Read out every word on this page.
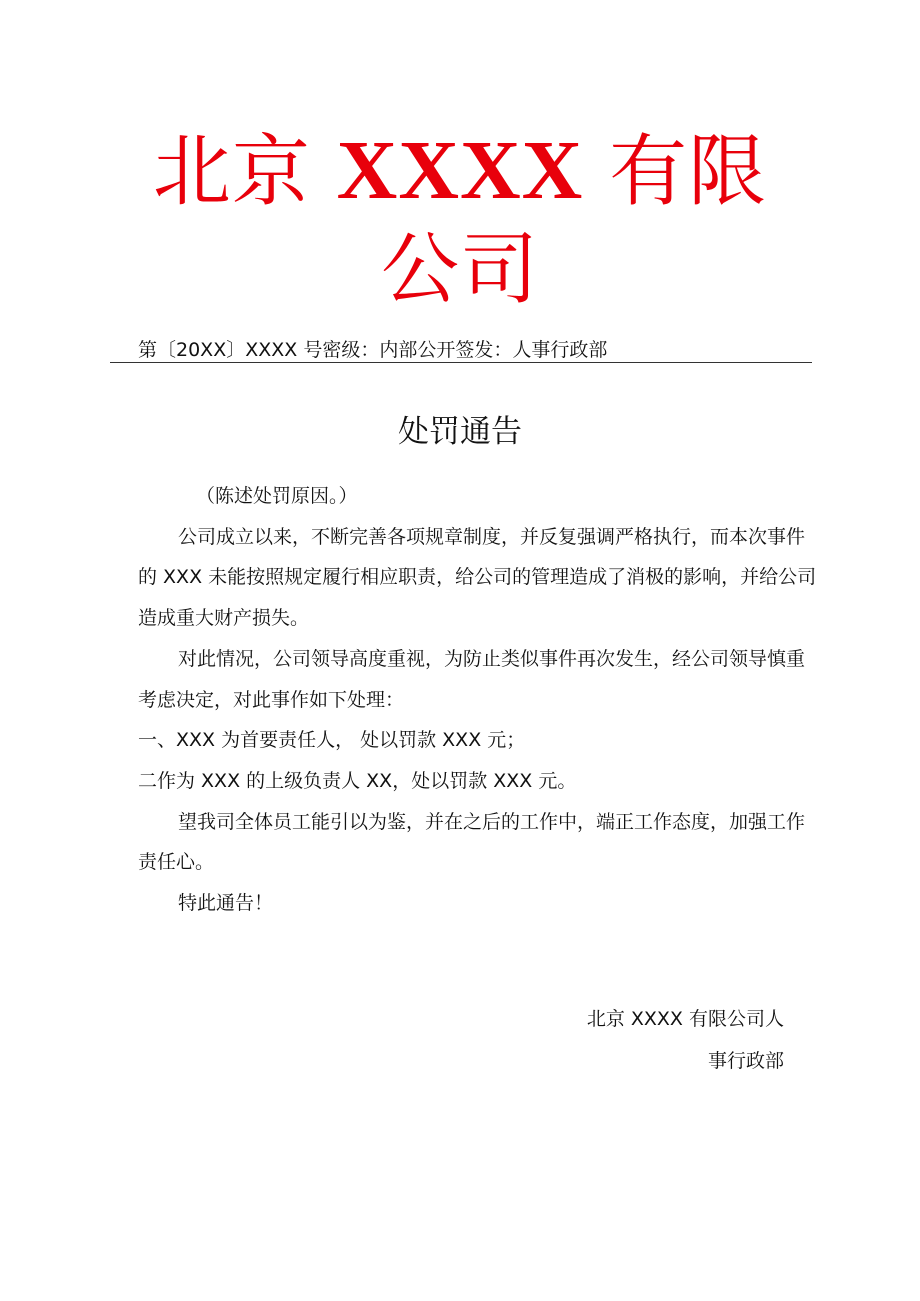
北京 XXXX 有限公司
第〔20XX〕XXXX 号密级：内部公开签发：人事行政部
处罚通告

（陈述处罚原因。）

公司成立以来，不断完善各项规章制度，并反复强调严格执行，而本次事件的 XXX 未能按照规定履行相应职责，给公司的管理造成了消极的影响，并给公司造成重大财产损失。

对此情况，公司领导高度重视，为防止类似事件再次发生，经公司领导慎重考虑决定，对此事作如下处理：

一、XXX 为首要责任人， 处以罚款 XXX 元；

二作为 XXX 的上级负责人 XX，处以罚款 XXX 元。

望我司全体员工能引以为鉴，并在之后的工作中，端正工作态度，加强工作责任心。

特此通告！

北京 XXXX 有限公司人
事行政部
